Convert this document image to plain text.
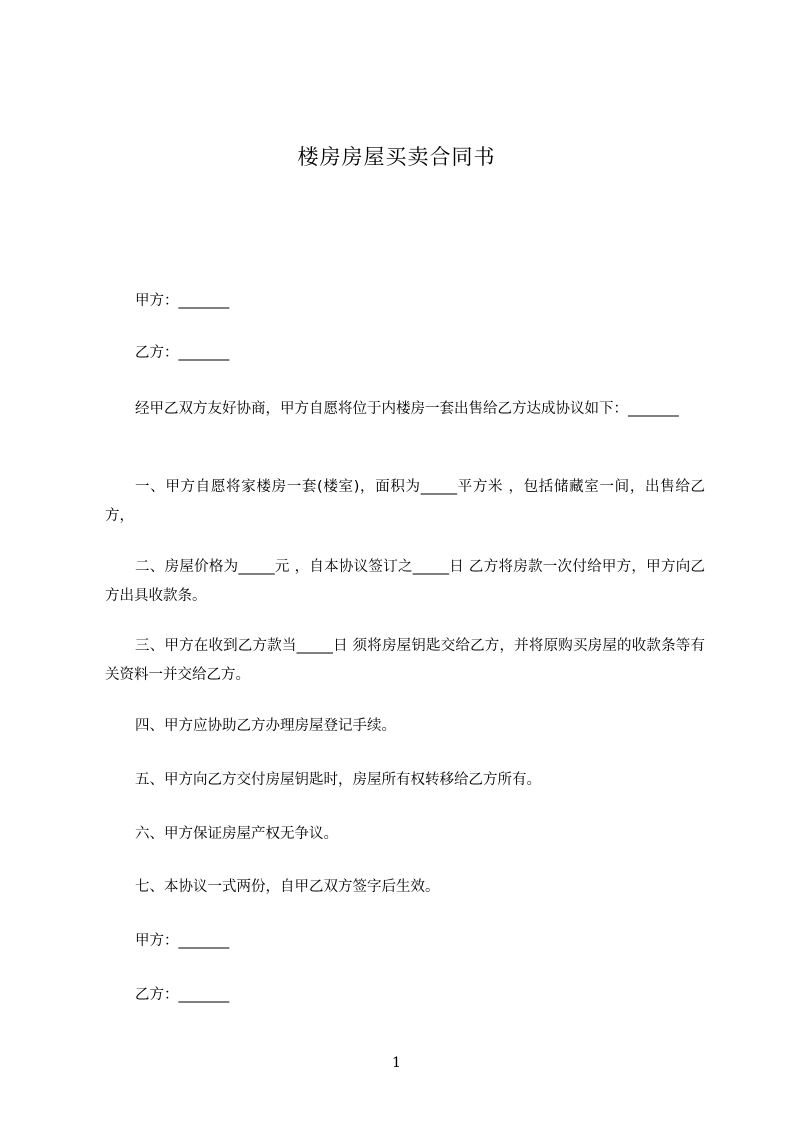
楼房房屋买卖合同书
甲方：_______
乙方：_______
经甲乙双方友好协商，甲方自愿将位于内楼房一套出售给乙方达成协议如下：_______
一、甲方自愿将家楼房一套(楼室)，面积为_____平方米 ，包括储藏室一间，出售给乙方，
二、房屋价格为_____元 ，自本协议签订之_____日 乙方将房款一次付给甲方，甲方向乙方出具收款条。
三、甲方在收到乙方款当_____日 须将房屋钥匙交给乙方，并将原购买房屋的收款条等有关资料一并交给乙方。
四、甲方应协助乙方办理房屋登记手续。
五、甲方向乙方交付房屋钥匙时，房屋所有权转移给乙方所有。
六、甲方保证房屋产权无争议。
七、本协议一式两份，自甲乙双方签字后生效。
甲方：_______
乙方：_______
1
